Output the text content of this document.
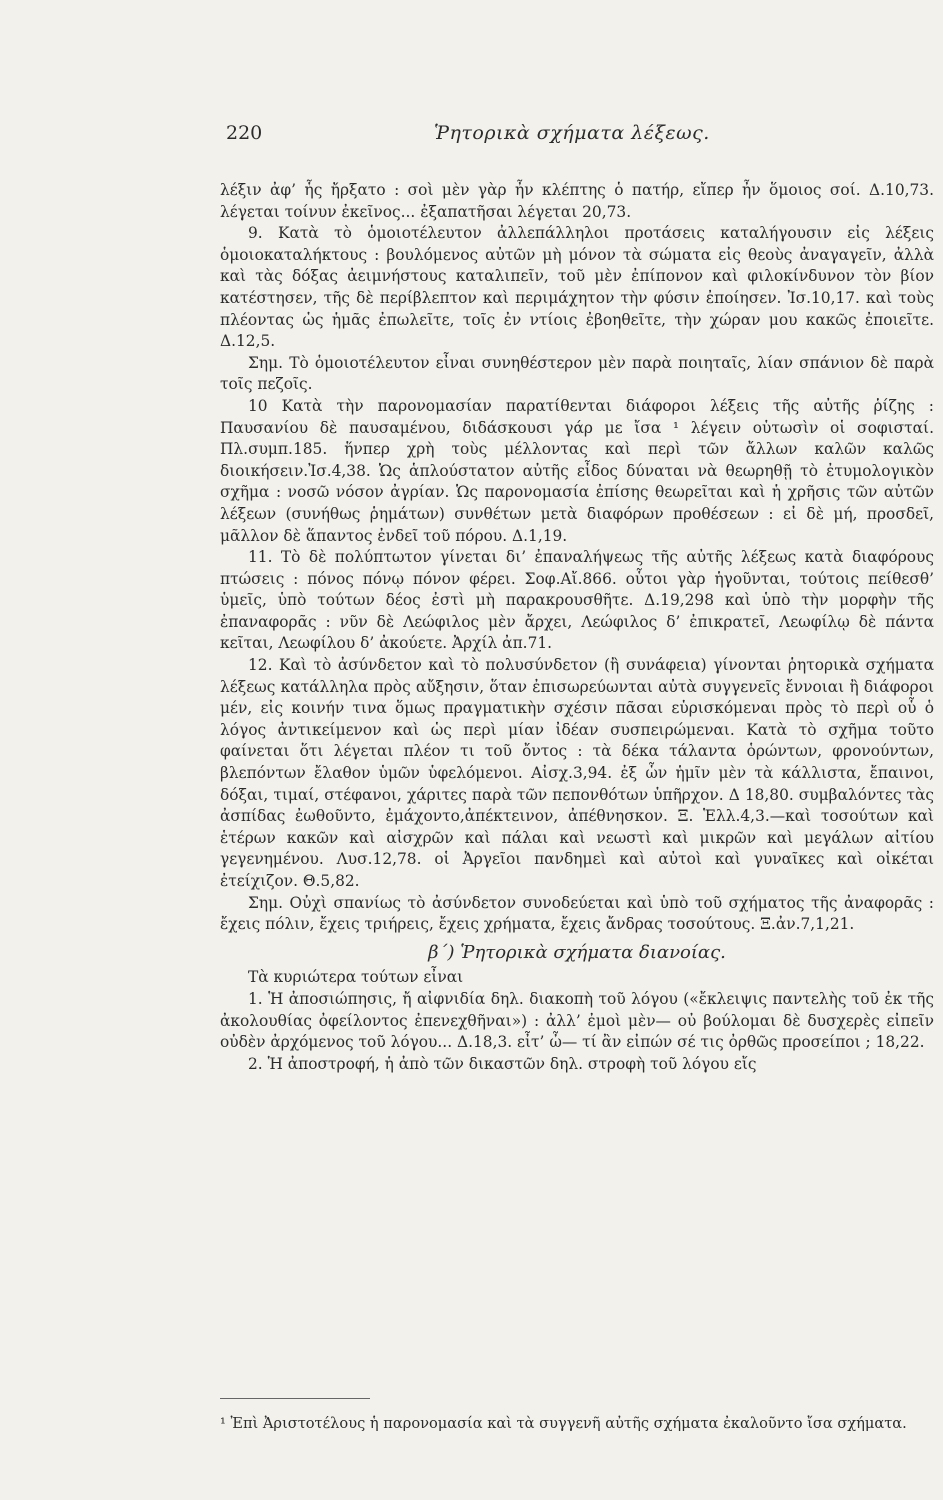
220	Ῥητορικὰ σχήματα λέξεως.

λέξιν ἀφ’ ἧς ἤρξατο : σοὶ μὲν γὰρ ἦν κλέπτης ὁ πατήρ, εἴπερ ἦν ὅμοιος σοί. Δ.10,73. λέγεται τοίνυν ἐκεῖνος... ἐξαπατῆσαι λέγεται 20,73.

9. Κατὰ τὸ ὁμοιοτέλευτον ἀλλεπάλληλοι προτάσεις καταλήγουσιν εἰς λέξεις ὁμοιοκαταλήκτους : βουλόμενος αὐτῶν μὴ μόνον τὰ σώματα εἰς θεοὺς ἀναγαγεῖν, ἀλλὰ καὶ τὰς δόξας ἀειμνήστους καταλιπεῖν, τοῦ μὲν ἐπίπονον καὶ φιλοκίνδυνον τὸν βίον κατέστησεν, τῆς δὲ περίβλεπτον καὶ περιμάχητον τὴν φύσιν ἐποίησεν. Ἰσ.10,17. καὶ τοὺς πλέοντας ὡς ἡμᾶς ἐπωλεῖτε, τοῖς ἐν ντίοις ἐβοηθεῖτε, τὴν χώραν μου κακῶς ἐποιεῖτε. Δ.12,5.

Σημ. Τὸ ὁμοιοτέλευτον εἶναι συνηθέστερον μὲν παρὰ ποιηταῖς, λίαν σπάνιον δὲ παρὰ τοῖς πεζοῖς.

10 Κατὰ τὴν παρονομασίαν παρατίθενται διάφοροι λέξεις τῆς αὐτῆς ῥίζης : Παυσανίου δὲ παυσαμένου, διδάσκουσι γάρ με ἴσα ¹ λέγειν οὑτωσὶν οἱ σοφισταί. Πλ.συμπ.185. ἥνπερ χρὴ τοὺς μέλλοντας καὶ περὶ τῶν ἄλλων καλῶν καλῶς διοικήσειν.Ἰσ.4,38. Ὡς ἁπλούστατον αὐτῆς εἶδος δύναται νὰ θεωρηθῇ τὸ ἐτυμολογικὸν σχῆμα : νοσῶ νόσον ἀγρίαν. Ὡς παρονομασία ἐπίσης θεωρεῖται καὶ ἡ χρῆσις τῶν αὐτῶν λέξεων (συνήθως ῥημάτων) συνθέτων μετὰ διαφόρων προθέσεων : εἰ δὲ μή, προσδεῖ, μᾶλλον δὲ ἅπαντος ἐνδεῖ τοῦ πόρου. Δ.1,19.

11. Τὸ δὲ πολύπτωτον γίνεται δι’ ἐπαναλήψεως τῆς αὐτῆς λέξεως κατὰ διαφόρους πτώσεις : πόνος πόνῳ πόνον φέρει. Σοφ.Αἴ.866. οὗτοι γὰρ ἡγοῦνται, τούτοις πείθεσθ’ ὑμεῖς, ὑπὸ τούτων δέος ἐστὶ μὴ παρακρουσθῆτε. Δ.19,298 καὶ ὑπὸ τὴν μορφὴν τῆς ἐπαναφορᾶς : νῦν δὲ Λεώφιλος μὲν ἄρχει, Λεώφιλος δ’ ἐπικρατεῖ, Λεωφίλῳ δὲ πάντα κεῖται, Λεωφίλου δ’ ἀκούετε. Ἀρχίλ ἀπ.71.

12. Καὶ τὸ ἀσύνδετον καὶ τὸ πολυσύνδετον (ἢ συνάφεια) γίνονται ῥητορικὰ σχήματα λέξεως κατάλληλα πρὸς αὔξησιν, ὅταν ἐπισωρεύωνται αὐτὰ συγγενεῖς ἔννοιαι ἢ διάφοροι μέν, εἰς κοινήν τινα ὅμως πραγματικὴν σχέσιν πᾶσαι εὑρισκόμεναι πρὸς τὸ περὶ οὗ ὁ λόγος ἀντικείμενον καὶ ὡς περὶ μίαν ἰδέαν συσπειρώμεναι. Κατὰ τὸ σχῆμα τοῦτο φαίνεται ὅτι λέγεται πλέον τι τοῦ ὄντος : τὰ δέκα τάλαντα ὁρώντων, φρονούντων, βλεπόντων ἔλαθον ὑμῶν ὑφελόμενοι. Αἰσχ.3,94. ἐξ ὧν ἡμῖν μὲν τὰ κάλλιστα, ἔπαινοι, δόξαι, τιμαί, στέφανοι, χάριτες παρὰ τῶν πεπονθότων ὑπῆρχον. Δ 18,80. συμβαλόντες τὰς ἀσπίδας ἐωθοῦντο, ἐμάχοντο,ἀπέκτεινον, ἀπέθνησκον. Ξ. Ἑλλ.4,3.—καὶ τοσούτων καὶ ἑτέρων κακῶν καὶ αἰσχρῶν καὶ πάλαι καὶ νεωστὶ καὶ μικρῶν καὶ μεγάλων αἰτίου γεγενημένου. Λυσ.12,78. οἱ Ἀργεῖοι πανδημεὶ καὶ αὐτοὶ καὶ γυναῖκες καὶ οἰκέται ἐτείχιζον. Θ.5,82.

Σημ. Οὐχὶ σπανίως τὸ ἀσύνδετον συνοδεύεται καὶ ὑπὸ τοῦ σχήματος τῆς ἀναφορᾶς : ἔχεις πόλιν, ἔχεις τριήρεις, ἔχεις χρήματα, ἔχεις ἄνδρας τοσούτους. Ξ.ἀν.7,1,21.

β΄) Ῥητορικὰ σχήματα διανοίας.

Τὰ κυριώτερα τούτων εἶναι

1. Ἡ ἀποσιώπησις, ἤ αἰφνιδία δηλ. διακοπὴ τοῦ λόγου («ἔκλειψις παντελὴς τοῦ ἐκ τῆς ἀκολουθίας ὀφείλοντος ἐπενεχθῆναι») : ἀλλ’ ἐμοὶ μὲν— οὐ βούλομαι δὲ δυσχερὲς εἰπεῖν οὐδὲν ἀρχόμενος τοῦ λόγου... Δ.18,3. εἶτ’ ὦ— τί ἂν εἰπών σέ τις ὀρθῶς προσείποι ; 18,22.

2. Ἡ ἀποστροφή, ἡ ἀπὸ τῶν δικαστῶν δηλ. στροφὴ τοῦ λόγου εἴς

¹ Ἐπὶ Ἀριστοτέλους ἡ παρονομασία καὶ τὰ συγγενῆ αὐτῆς σχήματα ἐκαλοῦντο ἴσα σχήματα.
